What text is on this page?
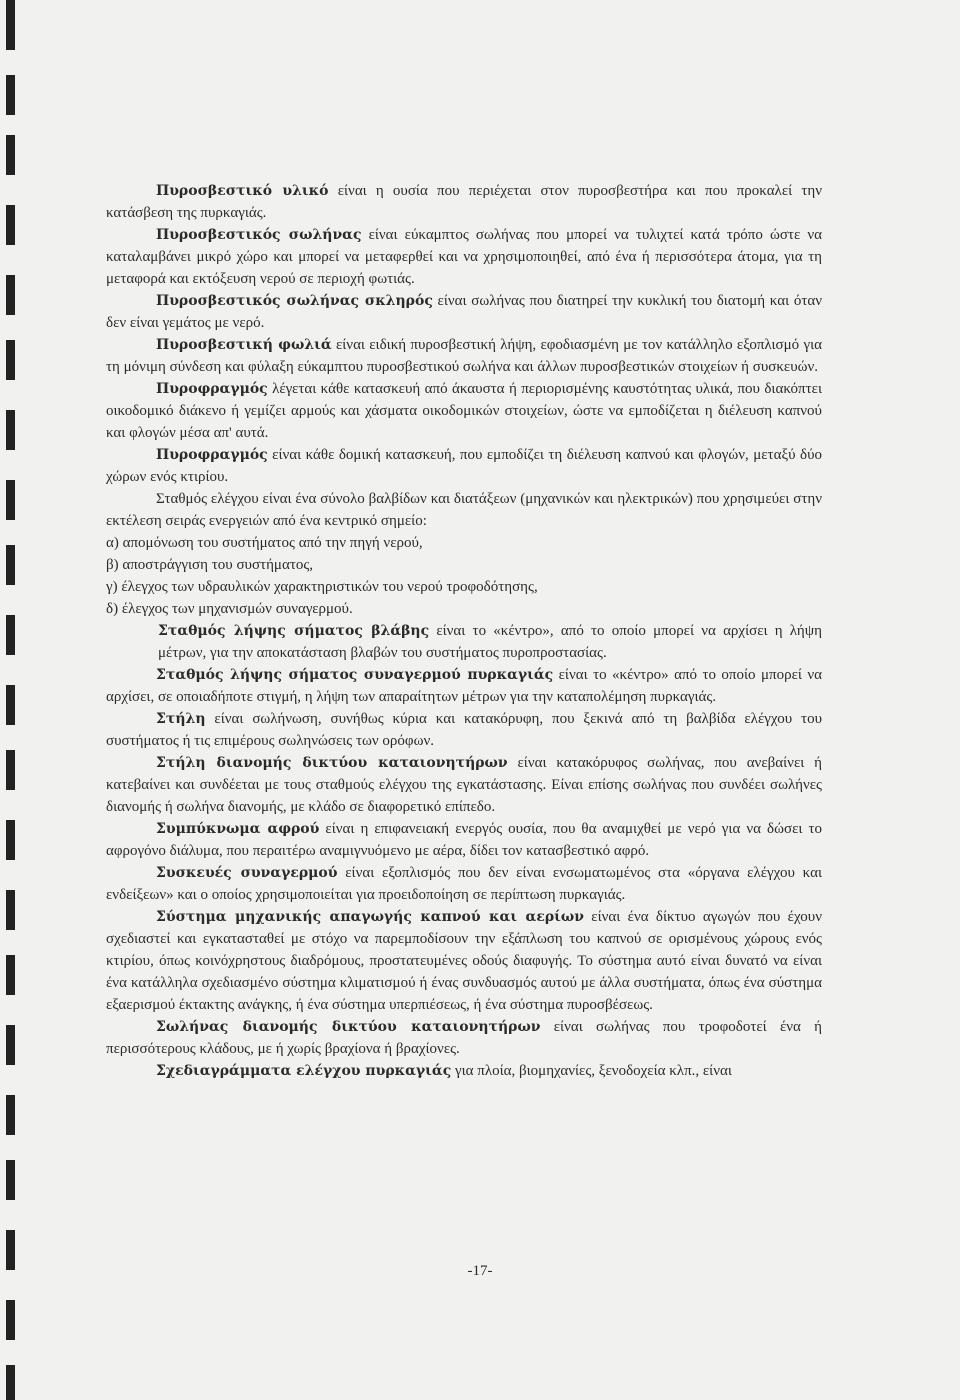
Πυροσβεστικό υλικό είναι η ουσία που περιέχεται στον πυροσβεστήρα και που προκαλεί την κατάσβεση της πυρκαγιάς.

Πυροσβεστικός σωλήνας είναι εύκαμπτος σωλήνας που μπορεί να τυλιχτεί κατά τρόπο ώστε να καταλαμβάνει μικρό χώρο και μπορεί να μεταφερθεί και να χρησιμοποιηθεί, από ένα ή περισσότερα άτομα, για τη μεταφορά και εκτόξευση νερού σε περιοχή φωτιάς.

Πυροσβεστικός σωλήνας σκληρός είναι σωλήνας που διατηρεί την κυκλική του διατομή και όταν δεν είναι γεμάτος με νερό.

Πυροσβεστική φωλιά είναι ειδική πυροσβεστική λήψη, εφοδιασμένη με τον κατάλληλο εξοπλισμό για τη μόνιμη σύνδεση και φύλαξη εύκαμπτου πυροσβεστικού σωλήνα και άλλων πυροσβεστικών στοιχείων ή συσκευών.

Πυροφραγμός λέγεται κάθε κατασκευή από άκαυστα ή περιορισμένης καυστότητας υλικά, που διακόπτει οικοδομικό διάκενο ή γεμίζει αρμούς και χάσματα οικοδομικών στοιχείων, ώστε να εμποδίζεται η διέλευση καπνού και φλογών μέσα απ' αυτά.

Πυροφραγμός είναι κάθε δομική κατασκευή, που εμποδίζει τη διέλευση καπνού και φλογών, μεταξύ δύο χώρων ενός κτιρίου.

Σταθμός ελέγχου είναι ένα σύνολο βαλβίδων και διατάξεων (μηχανικών και ηλεκτρικών) που χρησιμεύει στην εκτέλεση σειράς ενεργειών από ένα κεντρικό σημείο:

α) απομόνωση του συστήματος από την πηγή νερού,

β) αποστράγγιση του συστήματος,

γ) έλεγχος των υδραυλικών χαρακτηριστικών του νερού τροφοδότησης,

δ) έλεγχος των μηχανισμών συναγερμού.

Σταθμός λήψης σήματος βλάβης είναι το «κέντρο», από το οποίο μπορεί να αρχίσει η λήψη μέτρων, για την αποκατάσταση βλαβών του συστήματος πυροπροστασίας.

Σταθμός λήψης σήματος συναγερμού πυρκαγιάς είναι το «κέντρο» από το οποίο μπορεί να αρχίσει, σε οποιαδήποτε στιγμή, η λήψη των απαραίτητων μέτρων για την καταπολέμηση πυρκαγιάς.

Στήλη είναι σωλήνωση, συνήθως κύρια και κατακόρυφη, που ξεκινά από τη βαλβίδα ελέγχου του συστήματος ή τις επιμέρους σωληνώσεις των ορόφων.

Στήλη διανομής δικτύου καταιονητήρων είναι κατακόρυφος σωλήνας, που ανεβαίνει ή κατεβαίνει και συνδέεται με τους σταθμούς ελέγχου της εγκατάστασης. Είναι επίσης σωλήνας που συνδέει σωλήνες διανομής ή σωλήνα διανομής, με κλάδο σε διαφορετικό επίπεδο.

Συμπύκνωμα αφρού είναι η επιφανειακή ενεργός ουσία, που θα αναμιχθεί με νερό για να δώσει το αφρογόνο διάλυμα, που περαιτέρω αναμιγνυόμενο με αέρα, δίδει τον κατασβεστικό αφρό.

Συσκευές συναγερμού είναι εξοπλισμός που δεν είναι ενσωματωμένος στα «όργανα ελέγχου και ενδείξεων» και ο οποίος χρησιμοποιείται για προειδοποίηση σε περίπτωση πυρκαγιάς.

Σύστημα μηχανικής απαγωγής καπνού και αερίων είναι ένα δίκτυο αγωγών που έχουν σχεδιαστεί και εγκατασταθεί με στόχο να παρεμποδίσουν την εξάπλωση του καπνού σε ορισμένους χώρους ενός κτιρίου, όπως κοινόχρηστους διαδρόμους, προστατευμένες οδούς διαφυγής. Το σύστημα αυτό είναι δυνατό να είναι ένα κατάλληλα σχεδιασμένο σύστημα κλιματισμού ή ένας συνδυασμός αυτού με άλλα συστήματα, όπως ένα σύστημα εξαερισμού έκτακτης ανάγκης, ή ένα σύστημα υπερπιέσεως, ή ένα σύστημα πυροσβέσεως.

Σωλήνας διανομής δικτύου καταιονητήρων είναι σωλήνας που τροφοδοτεί ένα ή περισσότερους κλάδους, με ή χωρίς βραχίονα ή βραχίονες.

Σχεδιαγράμματα ελέγχου πυρκαγιάς για πλοία, βιομηχανίες, ξενοδοχεία κλπ., είναι

-17-
